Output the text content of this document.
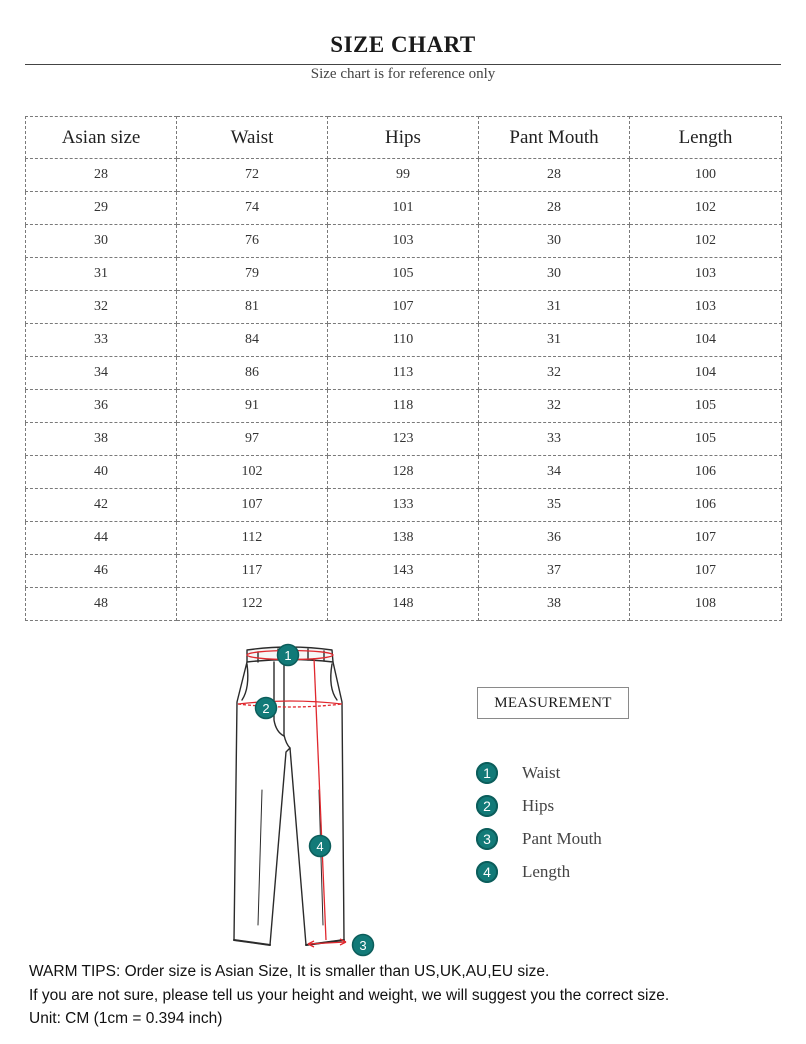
SIZE CHART
Size chart is for reference only
Asian size	Waist	Hips	Pant Mouth	Length
28	72	99	28	100
29	74	101	28	102
30	76	103	30	102
31	79	105	30	103
32	81	107	31	103
33	84	110	31	104
34	86	113	32	104
36	91	118	32	105
38	97	123	33	105
40	102	128	34	106
42	107	133	35	106
44	112	138	36	107
46	117	143	37	107
48	122	148	38	108
1
2
3
4
MEASUREMENT
1	Waist
2	Hips
3	Pant Mouth
4	Length
WARM TIPS: Order size is Asian Size, It is smaller than US,UK,AU,EU size.
If you are not sure, please tell us your height and weight, we will suggest you the correct size.
Unit: CM (1cm = 0.394 inch)
